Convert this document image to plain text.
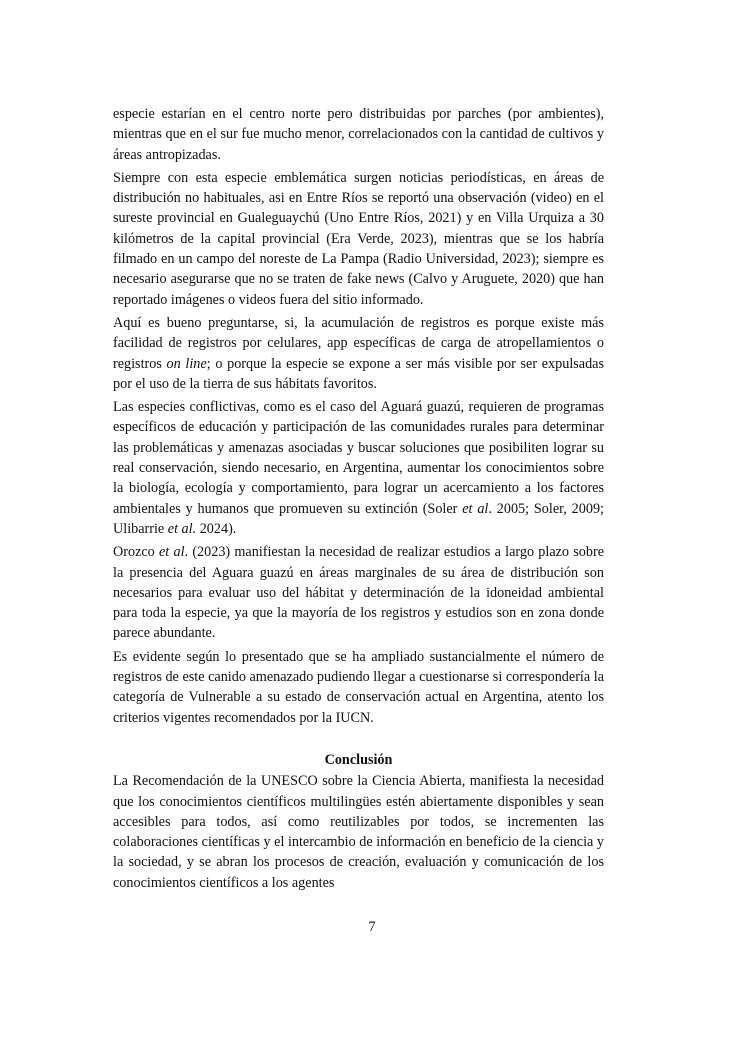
especie estarían en el centro norte pero distribuidas por parches (por ambientes), mientras que en el sur fue mucho menor, correlacionados con la cantidad de cultivos y áreas antropizadas.

Siempre con esta especie emblemática surgen noticias periodísticas, en áreas de distribución no habituales, asi en Entre Ríos se reportó una observación (video) en el sureste provincial en Gualeguaychú (Uno Entre Ríos, 2021) y en Villa Urquiza a 30 kilómetros de la capital provincial (Era Verde, 2023), mientras que se los habría filmado en un campo del noreste de La Pampa (Radio Universidad, 2023); siempre es necesario asegurarse que no se traten de fake news (Calvo y Aruguete, 2020) que han reportado imágenes o videos fuera del sitio informado.

Aquí es bueno preguntarse, si, la acumulación de registros es porque existe más facilidad de registros por celulares, app específicas de carga de atropellamientos o registros on line; o porque la especie se expone a ser más visible por ser expulsadas por el uso de la tierra de sus hábitats favoritos.

Las especies conflictivas, como es el caso del Aguará guazú, requieren de programas específicos de educación y participación de las comunidades rurales para determinar las problemáticas y amenazas asociadas y buscar soluciones que posibiliten lograr su real conservación, siendo necesario, en Argentina, aumentar los conocimientos sobre la biología, ecología y comportamiento, para lograr un acercamiento a los factores ambientales y humanos que promueven su extinción (Soler et al. 2005; Soler, 2009; Ulibarrie et al. 2024).

Orozco et al. (2023) manifiestan la necesidad de realizar estudios a largo plazo sobre la presencia del Aguara guazú en áreas marginales de su área de distribución son necesarios para evaluar uso del hábitat y determinación de la idoneidad ambiental para toda la especie, ya que la mayoría de los registros y estudios son en zona donde parece abundante.

Es evidente según lo presentado que se ha ampliado sustancialmente el número de registros de este canido amenazado pudiendo llegar a cuestionarse si correspondería la categoría de Vulnerable a su estado de conservación actual en Argentina, atento los criterios vigentes recomendados por la IUCN.

Conclusión

La Recomendación de la UNESCO sobre la Ciencia Abierta, manifiesta la necesidad que los conocimientos científicos multilingües estén abiertamente disponibles y sean accesibles para todos, así como reutilizables por todos, se incrementen las colaboraciones científicas y el intercambio de información en beneficio de la ciencia y la sociedad, y se abran los procesos de creación, evaluación y comunicación de los conocimientos científicos a los agentes

7
